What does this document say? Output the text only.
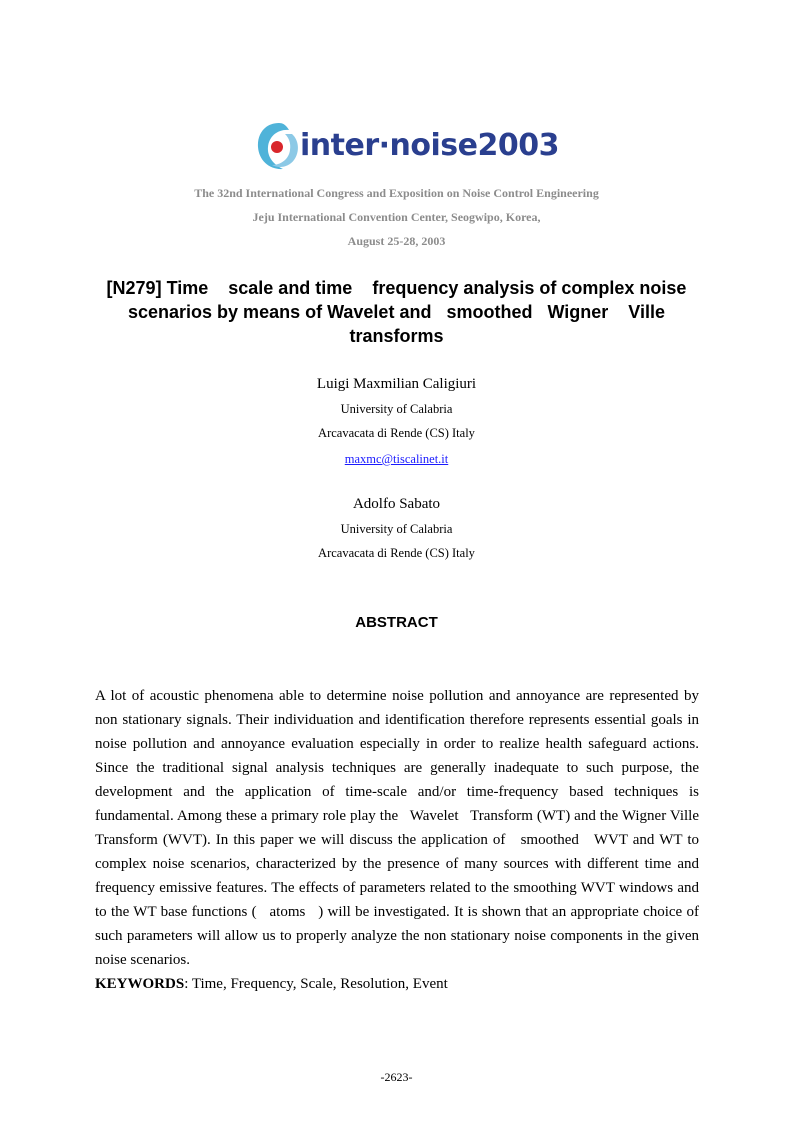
inter·noise2003
The 32nd International Congress and Exposition on Noise Control Engineering
Jeju International Convention Center, Seogwipo, Korea,
August 25-28, 2003
[N279] Time    scale and time    frequency analysis of complex noise
scenarios by means of Wavelet and   smoothed   Wigner    Ville
transforms
Luigi Maxmilian Caligiuri
University of Calabria
Arcavacata di Rende (CS) Italy
maxmc@tiscalinet.it
Adolfo Sabato
University of Calabria
Arcavacata di Rende (CS) Italy
ABSTRACT
A lot of acoustic phenomena able to determine noise pollution and annoyance are represented by non stationary signals. Their individuation and identification therefore represents essential goals in noise pollution and annoyance evaluation especially in order to realize health safeguard actions. Since the traditional signal analysis techniques are generally inadequate to such purpose, the development and the application of time-scale and/or time-frequency based techniques is fundamental. Among these a primary role play the   Wavelet   Transform (WT) and the Wigner Ville Transform (WVT). In this paper we will discuss the application of   smoothed   WVT and WT to complex noise scenarios, characterized by the presence of many sources with different time and frequency emissive features. The effects of parameters related to the smoothing WVT windows and to the WT base functions (   atoms   ) will be investigated. It is shown that an appropriate choice of such parameters will allow us to properly analyze the non stationary noise components in the given noise scenarios.
KEYWORDS: Time, Frequency, Scale, Resolution, Event
-2623-
